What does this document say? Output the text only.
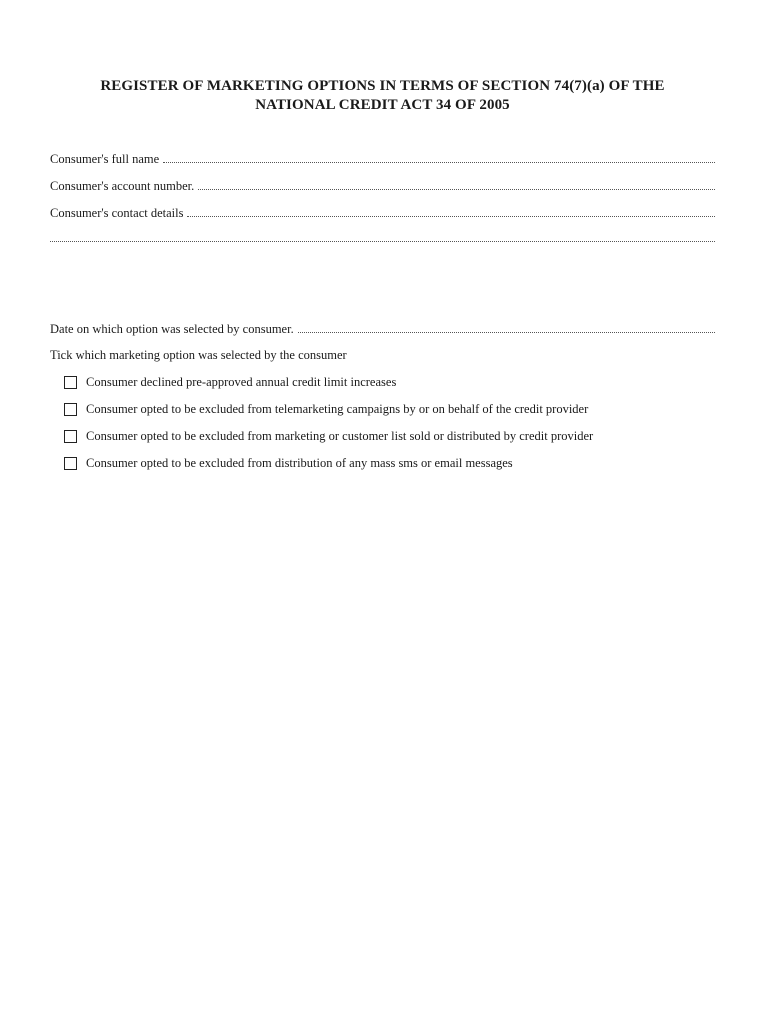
REGISTER OF MARKETING OPTIONS IN TERMS OF SECTION 74(7)(a) OF THE
NATIONAL CREDIT ACT 34 OF 2005
Consumer's full name
Consumer's account number.
Consumer's contact details
Date on which option was selected by consumer.
Tick which marketing option was selected by the consumer
Consumer declined pre-approved annual credit limit increases
Consumer opted to be excluded from telemarketing campaigns by or on behalf of the credit provider
Consumer opted to be excluded from marketing or customer list sold or distributed by credit provider
Consumer opted to be excluded from distribution of any mass sms or email messages
